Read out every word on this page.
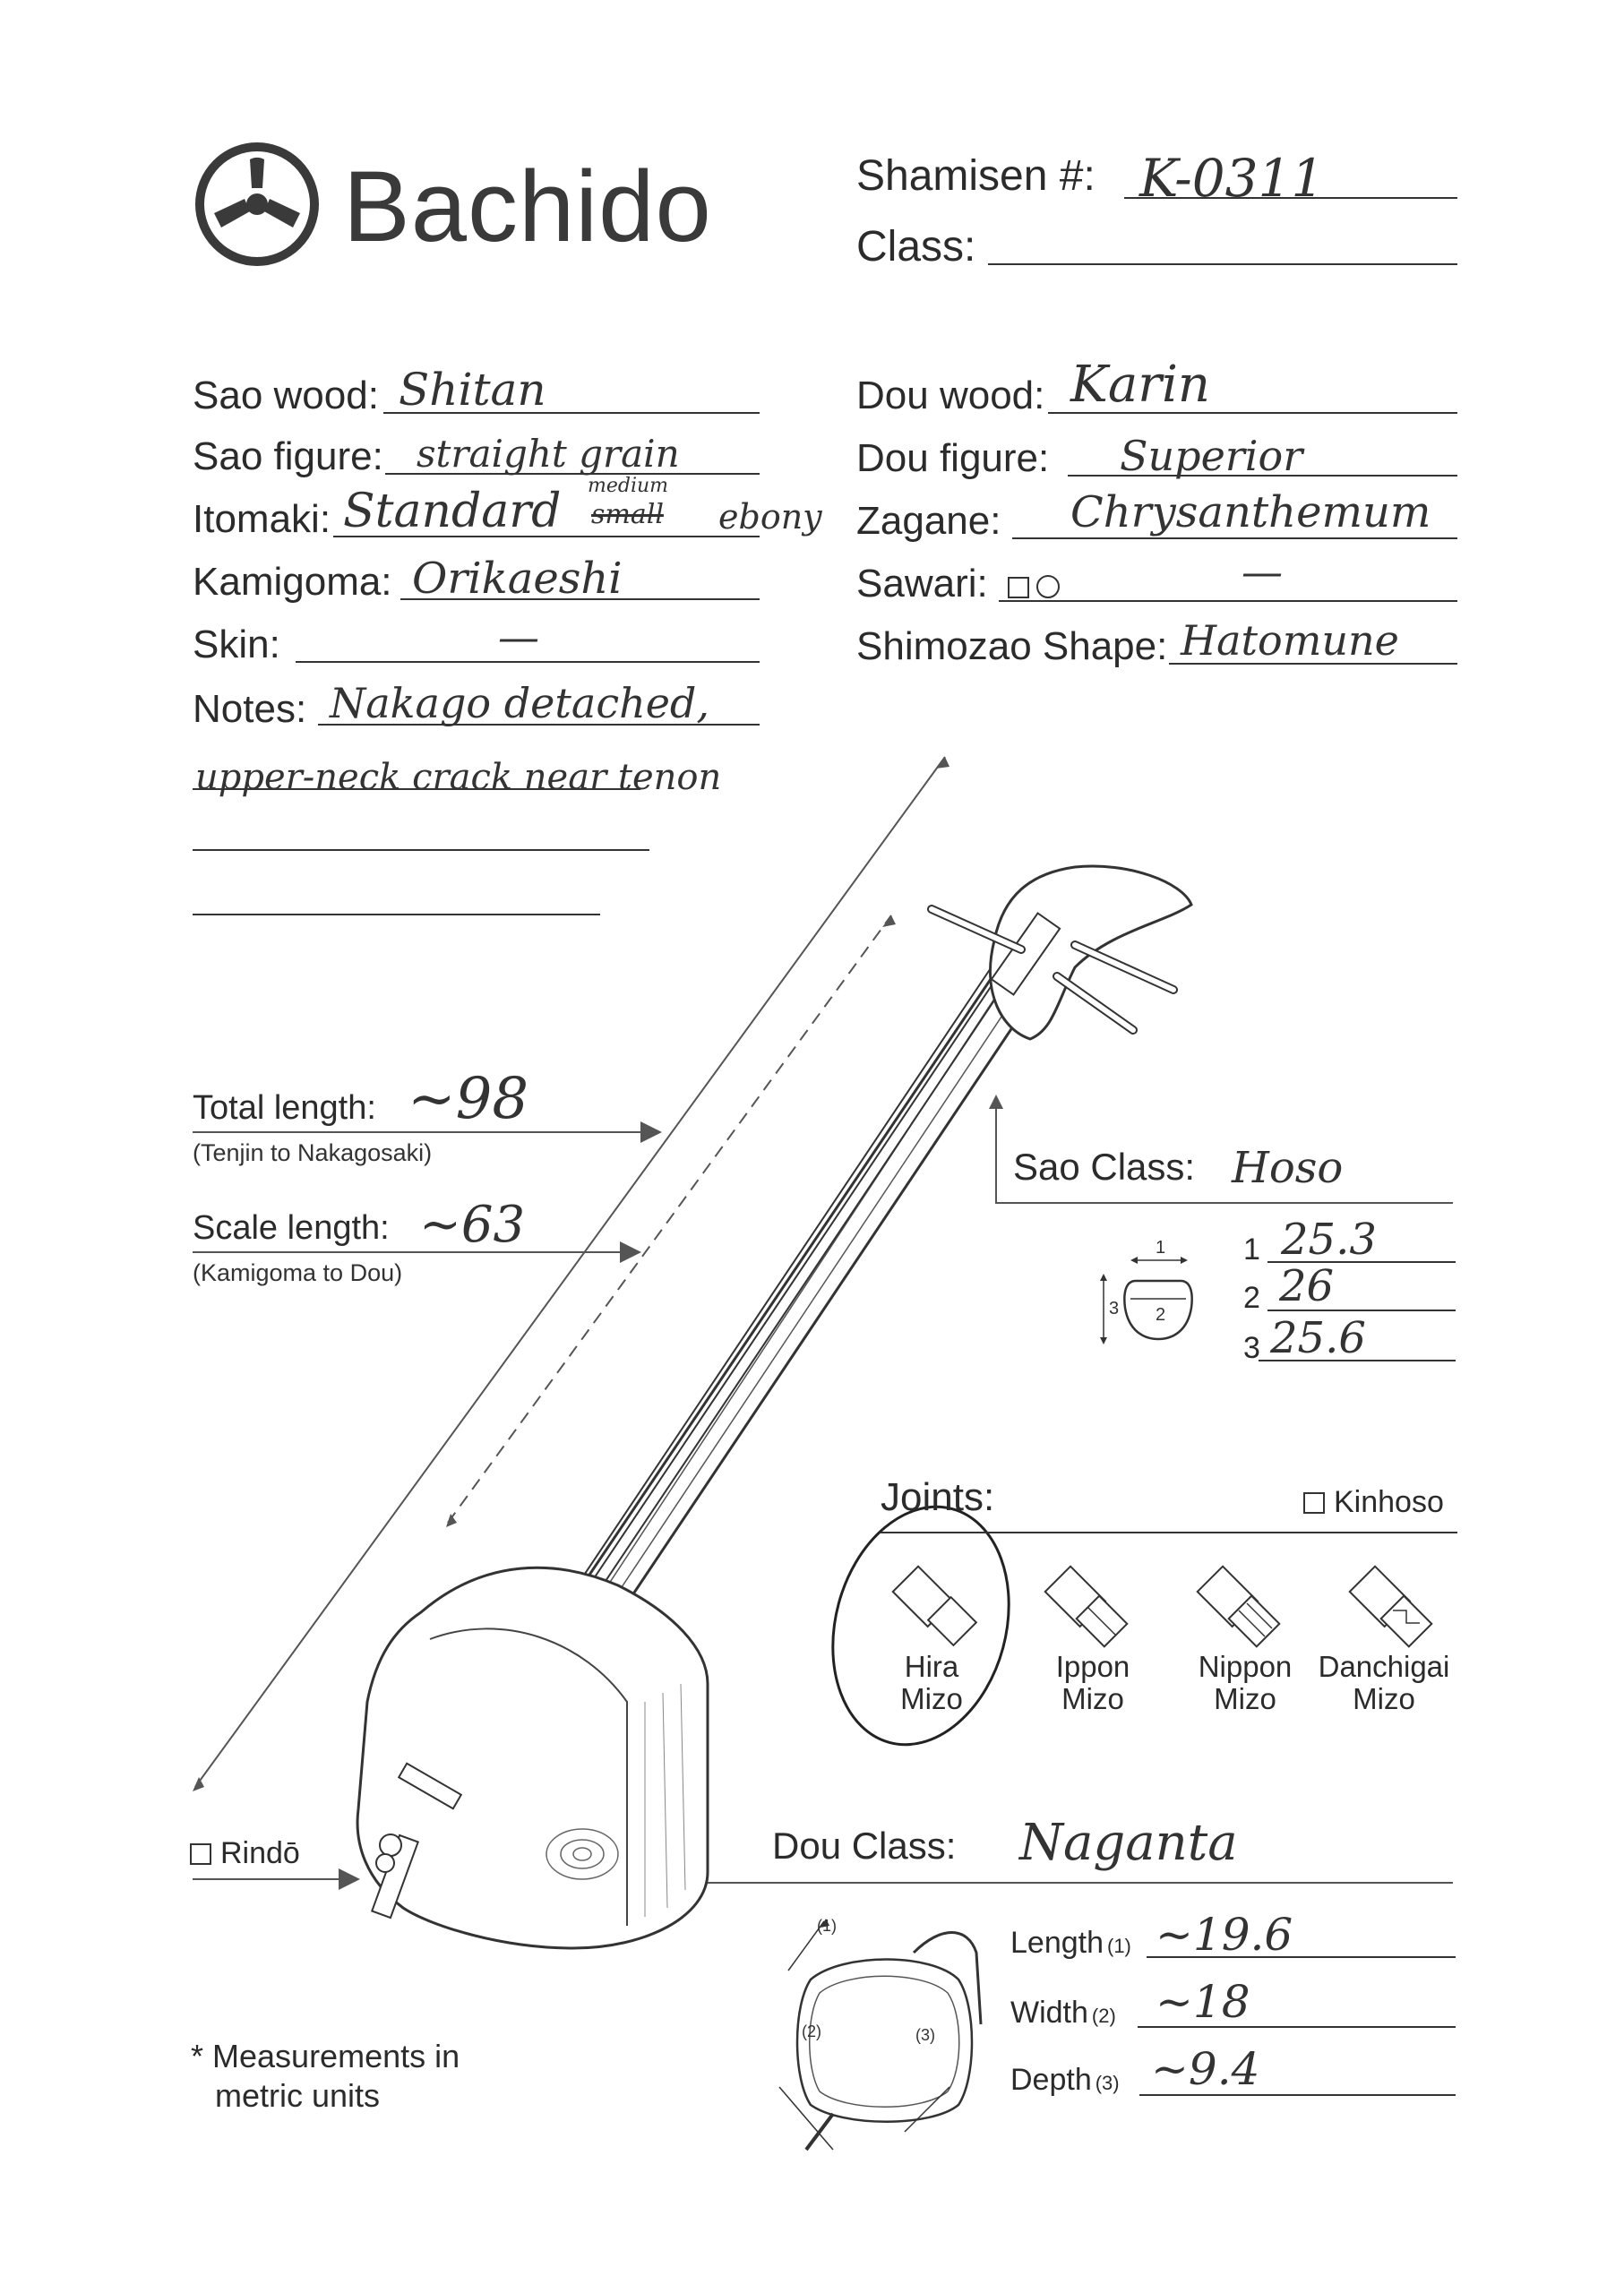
Bachido	Shamisen #: K-0311
Class:
Sao wood: Shitan
Sao figure: straight grain
Itomaki: Standard medium
small ebony
Kamigoma: Orikaeshi
Skin:	—
Notes: Nakago detached,
upper-neck crack near tenon
Dou wood: Karin
Dou figure: Superior
Zagane: Chrysanthemum
Sawari:	—
Shimozao Shape: Hatomune
Total length: ~98
(Tenjin to Nakagosaki)
Scale length: ~63
(Kamigoma to Dou)
Sao Class: Hoso
1
2
3
1 25.3
2 26
3 25.6
Joints:	Kinhoso
Hira
Mizo
Ippon
Mizo
Nippon
Mizo
Danchigai
Mizo
Rindō	Dou Class: Naganta
(1)
(2)	(3)
Length (1) ~19.6
Width (2) ~18
Depth (3) ~9.4
* Measurements in
metric units
